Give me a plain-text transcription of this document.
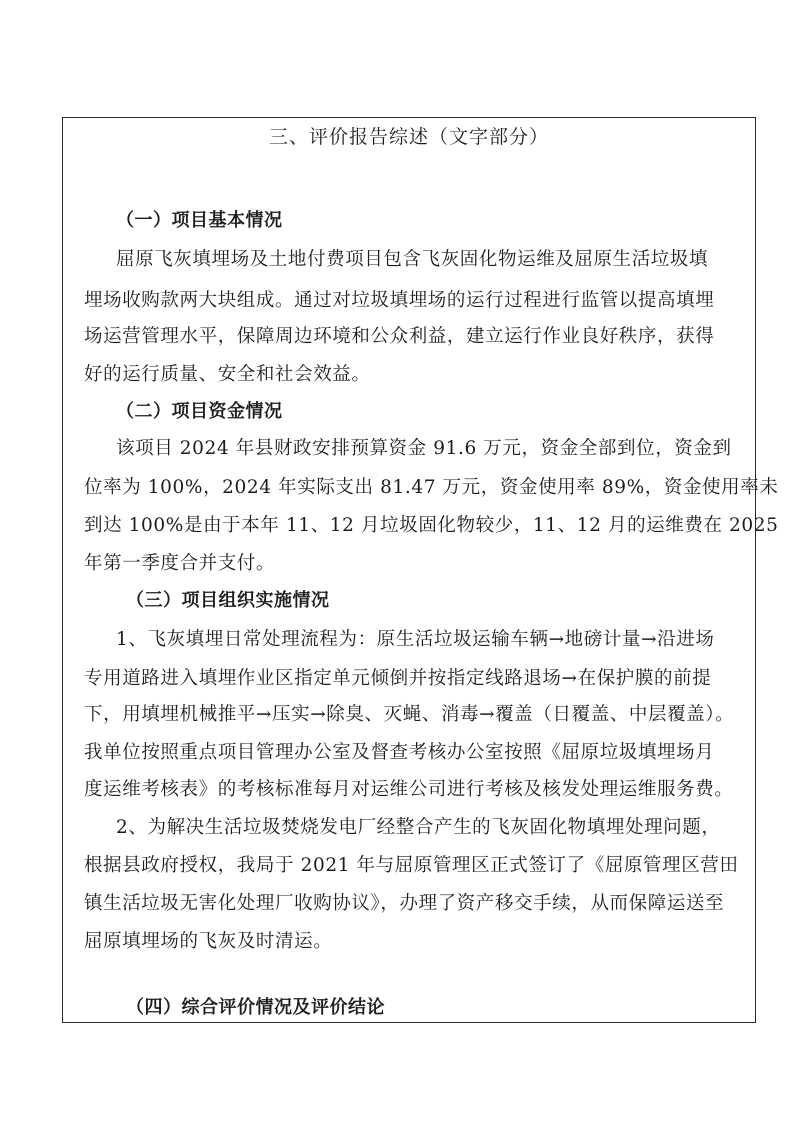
三、评价报告综述（文字部分）
（一）项目基本情况
屈原飞灰填埋场及土地付费项目包含飞灰固化物运维及屈原生活垃圾填
埋场收购款两大块组成。通过对垃圾填埋场的运行过程进行监管以提高填埋
场运营管理水平，保障周边环境和公众利益，建立运行作业良好秩序，获得
好的运行质量、安全和社会效益。
（二）项目资金情况
该项目 2024 年县财政安排预算资金 91.6 万元，资金全部到位，资金到
位率为 100%，2024 年实际支出 81.47 万元，资金使用率 89%，资金使用率未
到达 100%是由于本年 11、12 月垃圾固化物较少，11、12 月的运维费在 2025
年第一季度合并支付。
（三）项目组织实施情况
1、飞灰填埋日常处理流程为：原生活垃圾运输车辆→地磅计量→沿进场
专用道路进入填埋作业区指定单元倾倒并按指定线路退场→在保护膜的前提
下，用填埋机械推平→压实→除臭、灭蝇、消毒→覆盖（日覆盖、中层覆盖）。
我单位按照重点项目管理办公室及督查考核办公室按照《屈原垃圾填埋场月
度运维考核表》的考核标准每月对运维公司进行考核及核发处理运维服务费。
2、为解决生活垃圾焚烧发电厂经整合产生的飞灰固化物填埋处理问题，
根据县政府授权，我局于 2021 年与屈原管理区正式签订了《屈原管理区营田
镇生活垃圾无害化处理厂收购协议》，办理了资产移交手续，从而保障运送至
屈原填埋场的飞灰及时清运。
（四）综合评价情况及评价结论
